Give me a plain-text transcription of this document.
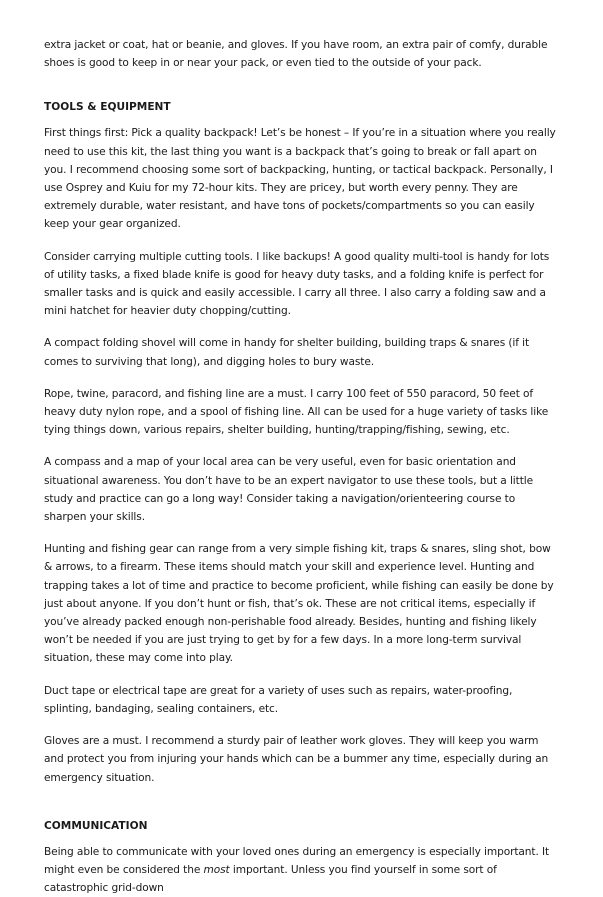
extra jacket or coat, hat or beanie, and gloves. If you have room, an extra pair of comfy, durable shoes is good to keep in or near your pack, or even tied to the outside of your pack.

TOOLS & EQUIPMENT

First things first: Pick a quality backpack! Let’s be honest – If you’re in a situation where you really need to use this kit, the last thing you want is a backpack that’s going to break or fall apart on you. I recommend choosing some sort of backpacking, hunting, or tactical backpack. Personally, I use Osprey and Kuiu for my 72-hour kits. They are pricey, but worth every penny. They are extremely durable, water resistant, and have tons of pockets/compartments so you can easily keep your gear organized.

Consider carrying multiple cutting tools. I like backups! A good quality multi-tool is handy for lots of utility tasks, a fixed blade knife is good for heavy duty tasks, and a folding knife is perfect for smaller tasks and is quick and easily accessible. I carry all three. I also carry a folding saw and a mini hatchet for heavier duty chopping/cutting.

A compact folding shovel will come in handy for shelter building, building traps & snares (if it comes to surviving that long), and digging holes to bury waste.

Rope, twine, paracord, and fishing line are a must. I carry 100 feet of 550 paracord, 50 feet of heavy duty nylon rope, and a spool of fishing line. All can be used for a huge variety of tasks like tying things down, various repairs, shelter building, hunting/trapping/fishing, sewing, etc.

A compass and a map of your local area can be very useful, even for basic orientation and situational awareness. You don’t have to be an expert navigator to use these tools, but a little study and practice can go a long way! Consider taking a navigation/orienteering course to sharpen your skills.

Hunting and fishing gear can range from a very simple fishing kit, traps & snares, sling shot, bow & arrows, to a firearm. These items should match your skill and experience level. Hunting and trapping takes a lot of time and practice to become proficient, while fishing can easily be done by just about anyone. If you don’t hunt or fish, that’s ok. These are not critical items, especially if you’ve already packed enough non-perishable food already. Besides, hunting and fishing likely won’t be needed if you are just trying to get by for a few days. In a more long-term survival situation, these may come into play.

Duct tape or electrical tape are great for a variety of uses such as repairs, water-proofing, splinting, bandaging, sealing containers, etc.

Gloves are a must. I recommend a sturdy pair of leather work gloves. They will keep you warm and protect you from injuring your hands which can be a bummer any time, especially during an emergency situation.

COMMUNICATION

Being able to communicate with your loved ones during an emergency is especially important. It might even be considered the most important. Unless you find yourself in some sort of catastrophic grid-down
